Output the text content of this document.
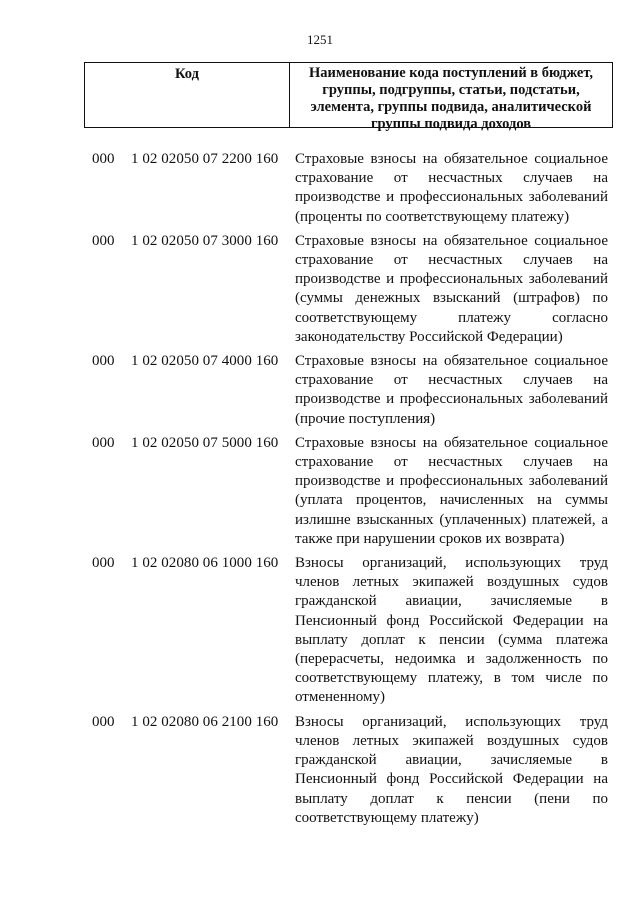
1251
Код	Наименование кода поступлений в бюджет,
группы, подгруппы, статьи, подстатьи,
элемента, группы подвида, аналитической
группы подвида доходов
000	1 02 02050 07 2200 160	Страховые взносы на обязательное социальное страхование от несчастных случаев на производстве и профессиональных заболеваний (проценты по соответствующему платежу)
000	1 02 02050 07 3000 160	Страховые взносы на обязательное социальное страхование от несчастных случаев на производстве и профессиональных заболеваний (суммы денежных взысканий (штрафов) по соответствующему платежу согласно законодательству Российской Федерации)
000	1 02 02050 07 4000 160	Страховые взносы на обязательное социальное страхование от несчастных случаев на производстве и профессиональных заболеваний (прочие поступления)
000	1 02 02050 07 5000 160	Страховые взносы на обязательное социальное страхование от несчастных случаев на производстве и профессиональных заболеваний (уплата процентов, начисленных на суммы излишне взысканных (уплаченных) платежей, а также при нарушении сроков их возврата)
000	1 02 02080 06 1000 160	Взносы организаций, использующих труд членов летных экипажей воздушных судов гражданской авиации, зачисляемые в Пенсионный фонд Российской Федерации на выплату доплат к пенсии (сумма платежа (перерасчеты, недоимка и задолженность по соответствующему платежу, в том числе по отмененному)
000	1 02 02080 06 2100 160	Взносы организаций, использующих труд членов летных экипажей воздушных судов гражданской авиации, зачисляемые в Пенсионный фонд Российской Федерации на выплату доплат к пенсии (пени по соответствующему платежу)
